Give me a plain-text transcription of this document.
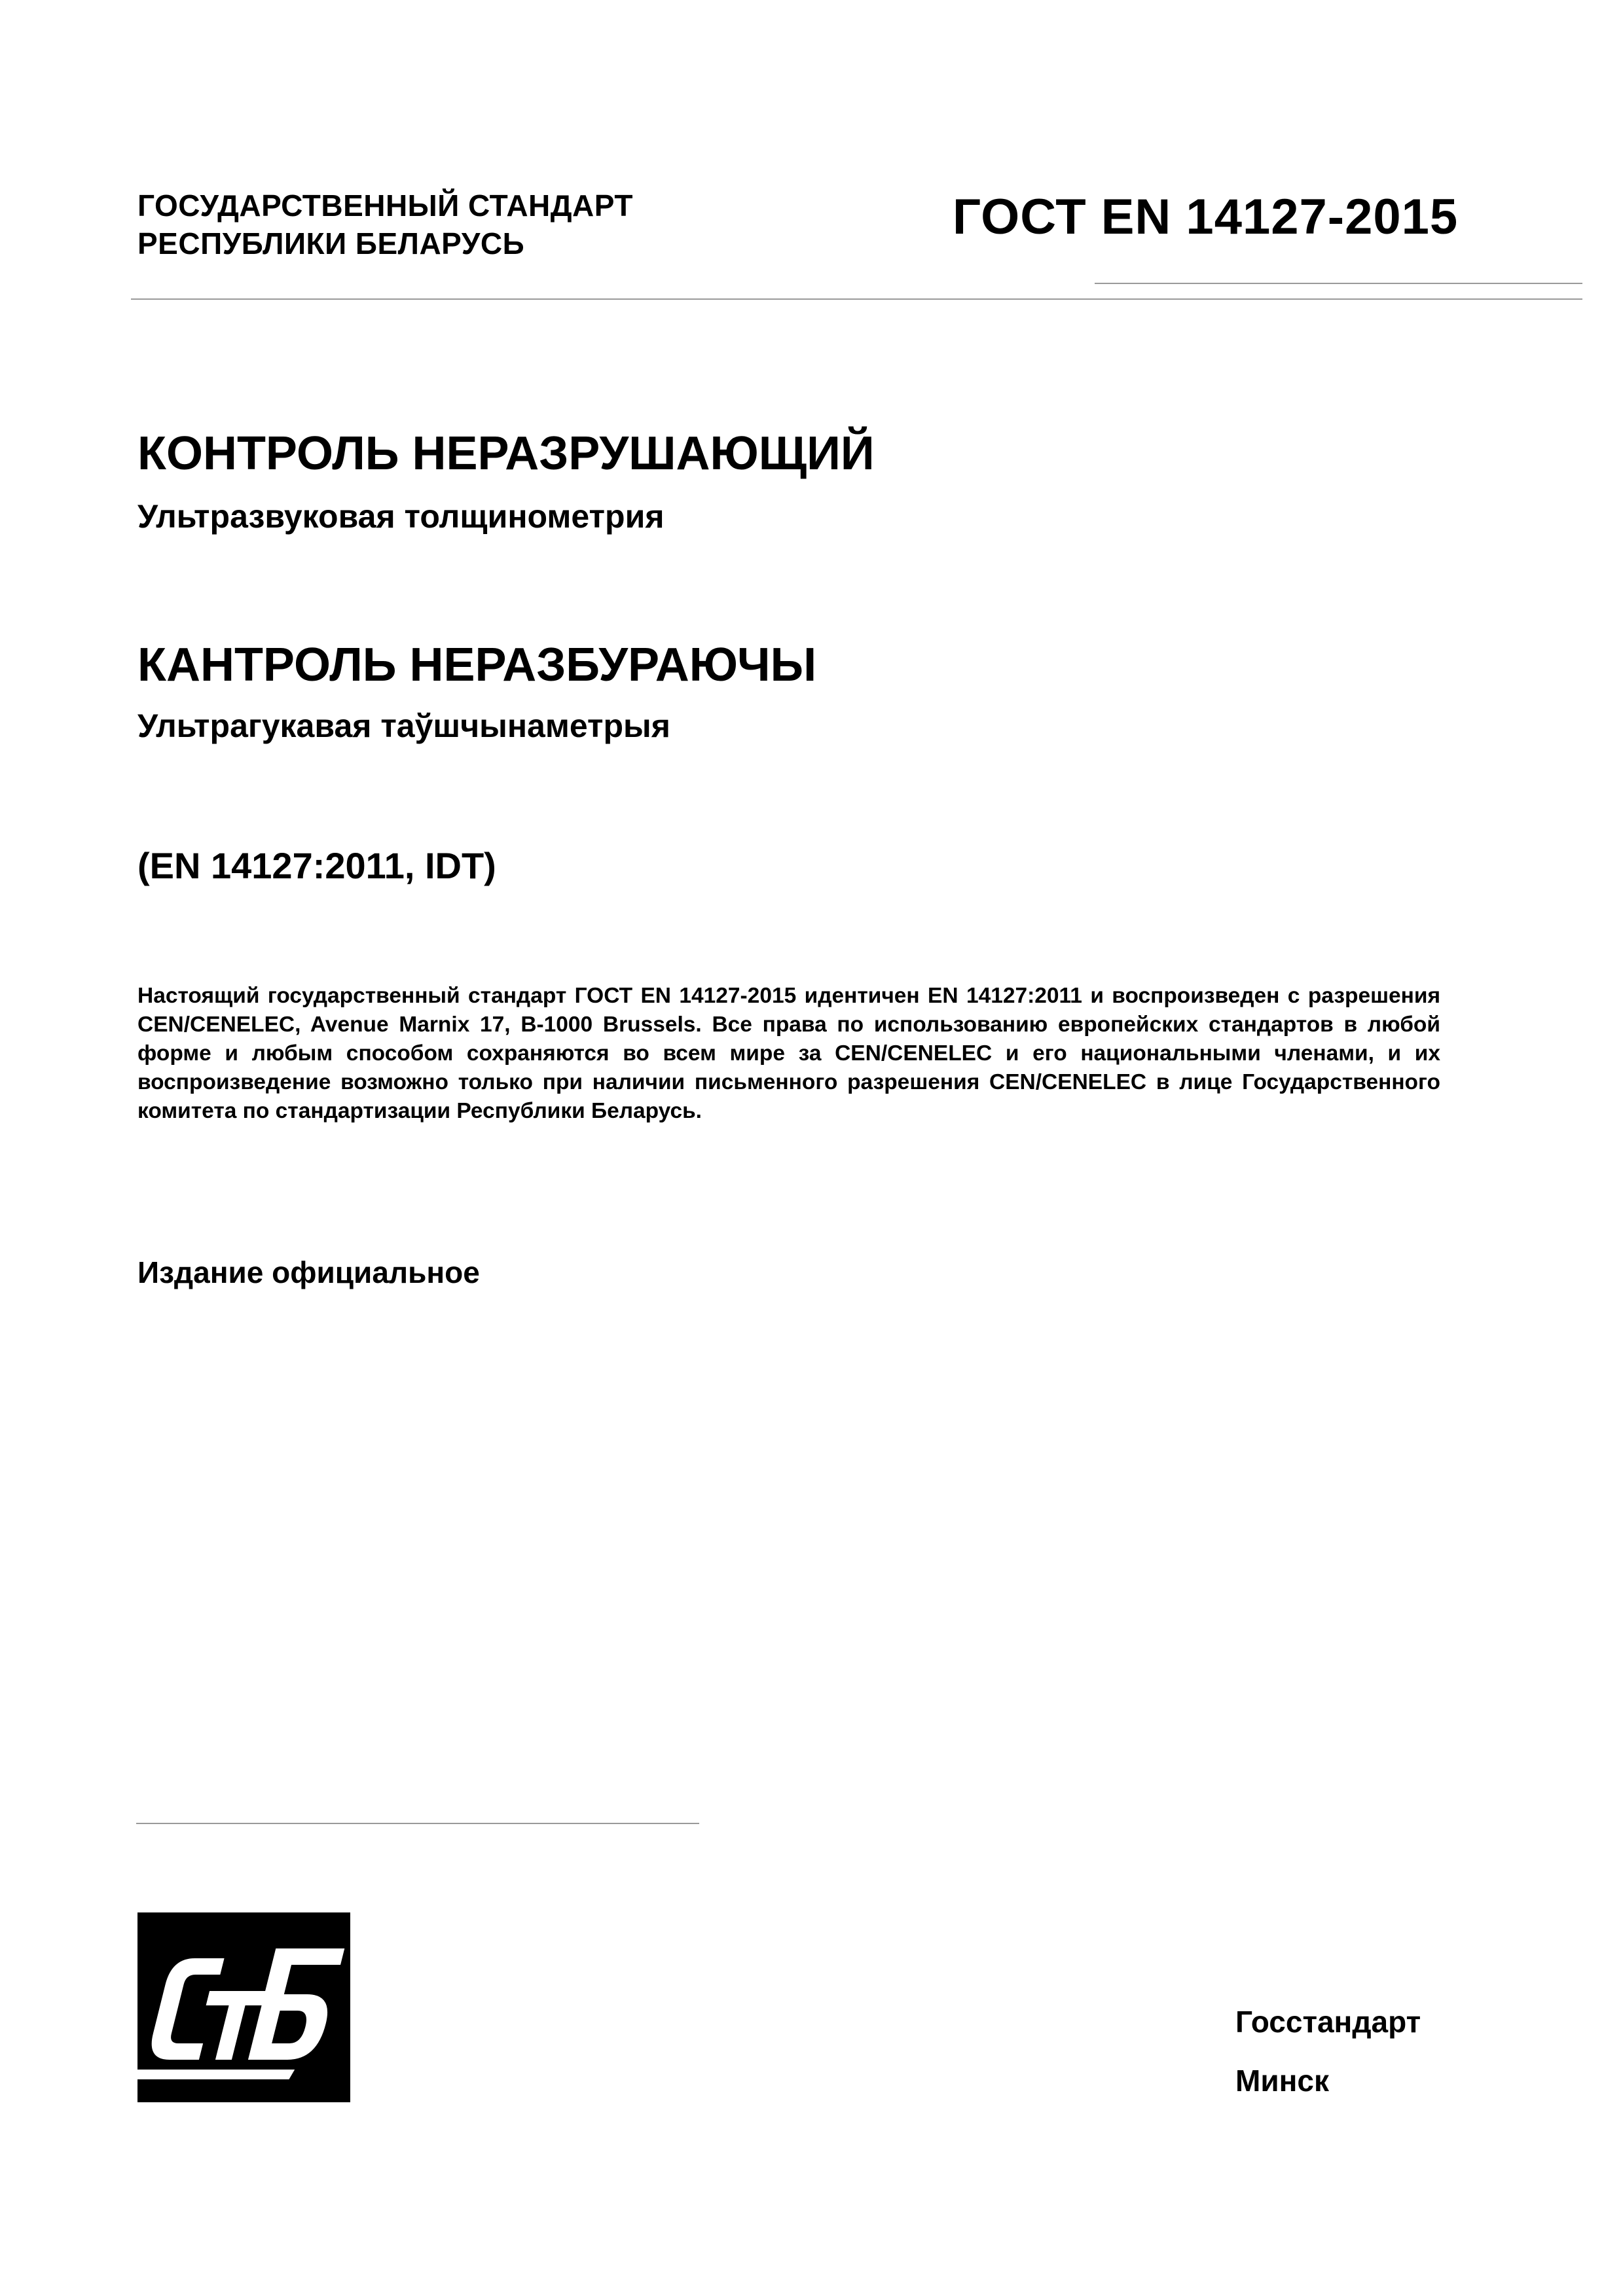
ГОСУДАРСТВЕННЫЙ СТАНДАРТ
РЕСПУБЛИКИ БЕЛАРУСЬ	ГОСТ EN 14127-2015
КОНТРОЛЬ НЕРАЗРУШАЮЩИЙ
Ультразвуковая толщинометрия
КАНТРОЛЬ НЕРАЗБУРАЮЧЫ
Ультрагукавая таўшчынаметрыя
(EN 14127:2011, IDT)
Настоящий государственный стандарт ГОСТ EN 14127-2015 идентичен EN 14127:2011 и воспроизведен с разрешения CEN/CENELEC, Avenue Marnix 17, B-1000 Brussels. Все права по использованию европейских стандартов в любой форме и любым способом сохраняются во всем мире за CEN/CENELEC и его национальными членами, и их воспроизведение возможно только при наличии письменного разрешения CEN/CENELEC в лице Государственного комитета по стандартизации Республики Беларусь.
Издание официальное
Госстандарт
Минск
